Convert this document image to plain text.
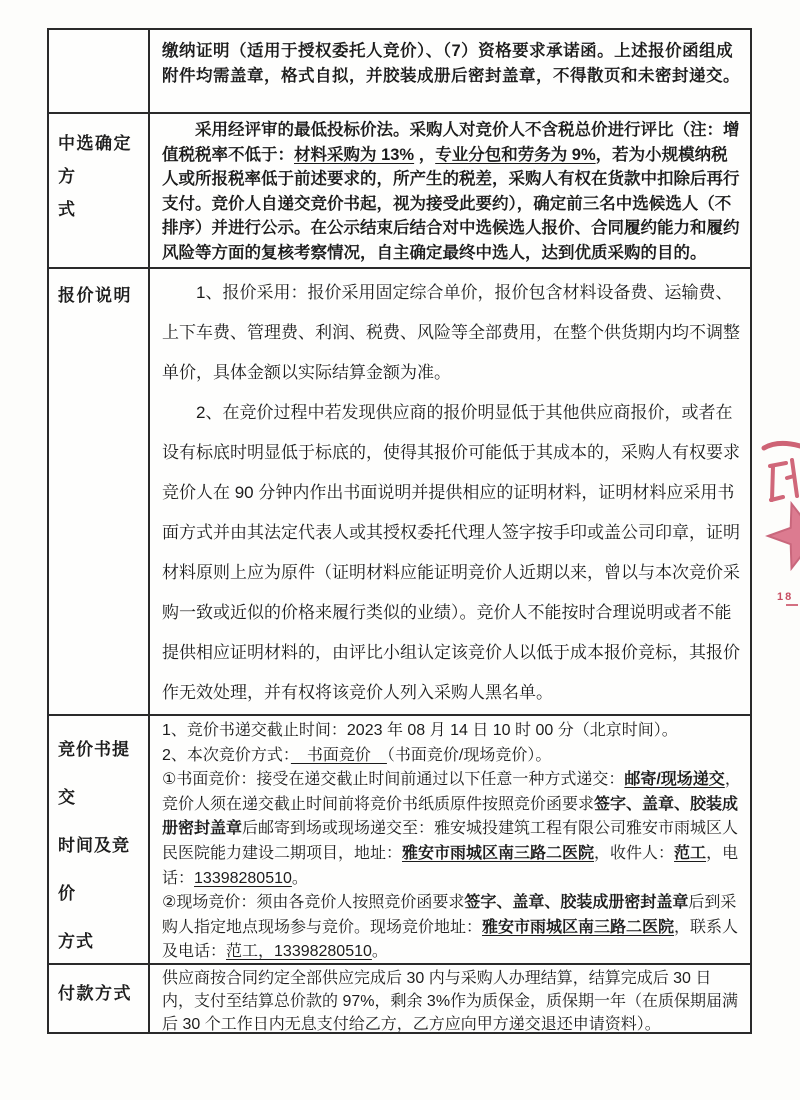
缴纳证明（适用于授权委托人竞价）、（7）资格要求承诺函。上述报价函组成附件均需盖章，格式自拟，并胶装成册后密封盖章，不得散页和未密封递交。

中选确定方
式

采用经评审的最低投标价法。采购人对竞价人不含税总价进行评比（注：增值税税率不低于：材料采购为 13% ，专业分包和劳务为 9%，若为小规模纳税人或所报税率低于前述要求的，所产生的税差，采购人有权在货款中扣除后再行支付。竞价人自递交竞价书起，视为接受此要约），确定前三名中选候选人（不排序）并进行公示。在公示结束后结合对中选候选人报价、合同履约能力和履约风险等方面的复核考察情况，自主确定最终中选人，达到优质采购的目的。

报价说明	1、报价采用：报价采用固定综合单价，报价包含材料设备费、运输费、上下车费、管理费、利润、税费、风险等全部费用，在整个供货期内均不调整单价，具体金额以实际结算金额为准。

2、在竞价过程中若发现供应商的报价明显低于其他供应商报价，或者在设有标底时明显低于标底的，使得其报价可能低于其成本的，采购人有权要求竞价人在 90 分钟内作出书面说明并提供相应的证明材料，证明材料应采用书面方式并由其法定代表人或其授权委托代理人签字按手印或盖公司印章，证明材料原则上应为原件（证明材料应能证明竞价人近期以来，曾以与本次竞价采购一致或近似的价格来履行类似的业绩）。竞价人不能按时合理说明或者不能提供相应证明材料的，由评比小组认定该竞价人以低于成本报价竞标，其报价作无效处理，并有权将该竞价人列入采购人黑名单。

竞价书提交
时间及竞价
方式

1、竞价书递交截止时间：2023 年 08 月 14 日 10 时 00 分（北京时间）。

2、本次竞价方式：　书面竞价　（书面竞价/现场竞价）。

①书面竞价：接受在递交截止时间前通过以下任意一种方式递交：邮寄/现场递交，竞价人须在递交截止时间前将竞价书纸质原件按照竞价函要求签字、盖章、胶装成册密封盖章后邮寄到场或现场递交至：雅安城投建筑工程有限公司雅安市雨城区人民医院能力建设二期项目，地址：雅安市雨城区南三路二医院，收件人：范工，电话：13398280510。

②现场竞价：须由各竞价人按照竞价函要求签字、盖章、胶装成册密封盖章后到采购人指定地点现场参与竞价。现场竞价地址：雅安市雨城区南三路二医院，联系人及电话：范工，13398280510。

付款方式

供应商按合同约定全部供应完成后 30 内与采购人办理结算，结算完成后 30 日内，支付至结算总价款的 97%，剩余 3%作为质保金，质保期一年（在质保期届满后 30 个工作日内无息支付给乙方，乙方应向甲方递交退还申请资料）。

18
